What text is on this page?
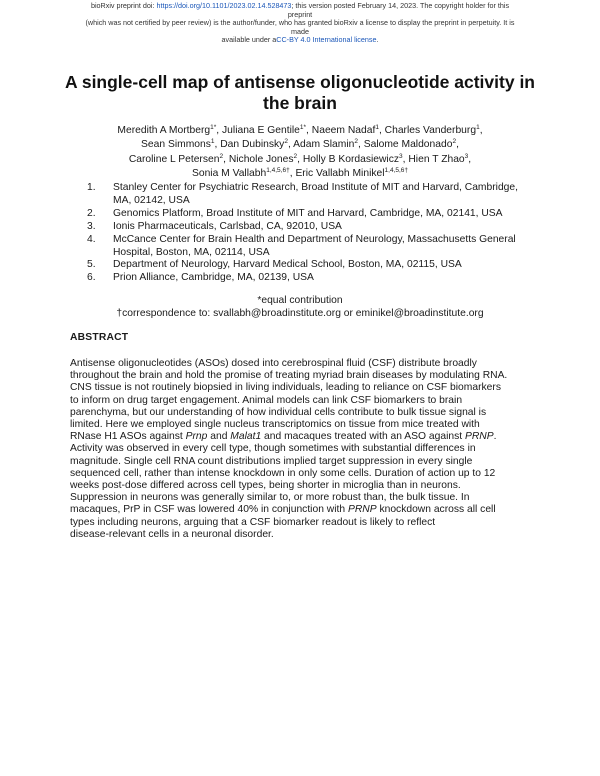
bioRxiv preprint doi: https://doi.org/10.1101/2023.02.14.528473; this version posted February 14, 2023. The copyright holder for this preprint
(which was not certified by peer review) is the author/funder, who has granted bioRxiv a license to display the preprint in perpetuity. It is made
available under aCC-BY 4.0 International license.
A single-cell map of antisense oligonucleotide activity in the brain
Meredith A Mortberg$^{1*}$, Juliana E Gentile$^{1*}$, Naeem Nadaf$^1$, Charles Vanderburg$^1$,
Sean Simmons$^1$, Dan Dubinsky$^2$, Adam Slamin$^2$, Salome Maldonado$^2$,
Caroline L Petersen$^2$, Nichole Jones$^2$, Holly B Kordasiewicz$^3$, Hien T Zhao$^3$,
Sonia M Vallabh$^{1,4,5,6\dagger}$, Eric Vallabh Minikel$^{1,4,5,6\dagger}$
1. Stanley Center for Psychiatric Research, Broad Institute of MIT and Harvard, Cambridge, MA, 02142, USA
2. Genomics Platform, Broad Institute of MIT and Harvard, Cambridge, MA, 02141, USA
3. Ionis Pharmaceuticals, Carlsbad, CA, 92010, USA
4. McCance Center for Brain Health and Department of Neurology, Massachusetts General Hospital, Boston, MA, 02114, USA
5. Department of Neurology, Harvard Medical School, Boston, MA, 02115, USA
6. Prion Alliance, Cambridge, MA, 02139, USA
*equal contribution
†correspondence to: svallabh@broadinstitute.org or eminikel@broadinstitute.org
ABSTRACT
Antisense oligonucleotides (ASOs) dosed into cerebrospinal fluid (CSF) distribute broadly
throughout the brain and hold the promise of treating myriad brain diseases by modulating RNA.
CNS tissue is not routinely biopsied in living individuals, leading to reliance on CSF biomarkers
to inform on drug target engagement. Animal models can link CSF biomarkers to brain
parenchyma, but our understanding of how individual cells contribute to bulk tissue signal is
limited. Here we employed single nucleus transcriptomics on tissue from mice treated with
RNase H1 ASOs against Prnp and Malat1 and macaques treated with an ASO against PRNP.
Activity was observed in every cell type, though sometimes with substantial differences in
magnitude. Single cell RNA count distributions implied target suppression in every single
sequenced cell, rather than intense knockdown in only some cells. Duration of action up to 12
weeks post-dose differed across cell types, being shorter in microglia than in neurons.
Suppression in neurons was generally similar to, or more robust than, the bulk tissue. In
macaques, PrP in CSF was lowered 40% in conjunction with PRNP knockdown across all cell
types including neurons, arguing that a CSF biomarker readout is likely to reflect
disease-relevant cells in a neuronal disorder.
